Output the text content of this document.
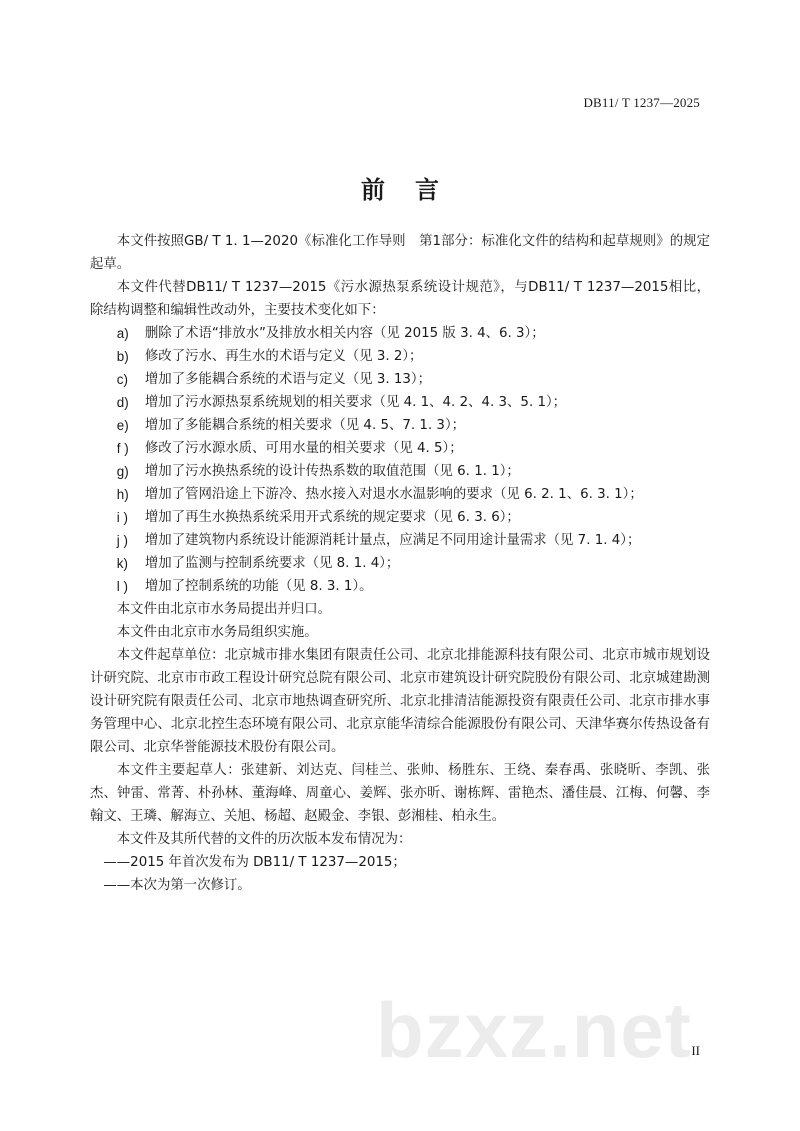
DB11/ T 1237—2025
前言

本文件按照GB/ T 1. 1—2020《标准化工作导则　第1部分：标准化文件的结构和起草规则》的规定起草。

本文件代替DB11/ T 1237—2015《污水源热泵系统设计规范》，与DB11/ T 1237—2015相比，除结构调整和编辑性改动外，主要技术变化如下：

a)	删除了术语“排放水”及排放水相关内容（见 2015 版 3. 4、6. 3）；
b)	修改了污水、再生水的术语与定义（见 3. 2）；
c)	增加了多能耦合系统的术语与定义（见 3. 13）；
d)	增加了污水源热泵系统规划的相关要求（见 4. 1、4. 2、4. 3、5. 1）；
e)	增加了多能耦合系统的相关要求（见 4. 5、7. 1. 3）；
f )	修改了污水源水质、可用水量的相关要求（见 4. 5）；
g)	增加了污水换热系统的设计传热系数的取值范围（见 6. 1. 1）；
h)	增加了管网沿途上下游冷、热水接入对退水水温影响的要求（见 6. 2. 1、6. 3. 1）；
i )	增加了再生水换热系统采用开式系统的规定要求（见 6. 3. 6）；
j )	增加了建筑物内系统设计能源消耗计量点，应满足不同用途计量需求（见 7. 1. 4）；
k)	增加了监测与控制系统要求（见 8. 1. 4）；
l )	增加了控制系统的功能（见 8. 3. 1）。

本文件由北京市水务局提出并归口。

本文件由北京市水务局组织实施。

本文件起草单位：北京城市排水集团有限责任公司、北京北排能源科技有限公司、北京市城市规划设计研究院、北京市市政工程设计研究总院有限公司、北京市建筑设计研究院股份有限公司、北京城建勘测设计研究院有限责任公司、北京市地热调查研究所、北京北排清洁能源投资有限责任公司、北京市排水事务管理中心、北京北控生态环境有限公司、北京京能华清综合能源股份有限公司、天津华赛尔传热设备有限公司、北京华誉能源技术股份有限公司。

本文件主要起草人：张建新、刘达克、闫桂兰、张帅、杨胜东、王绕、秦春禹、张晓昕、李凯、张杰、钟雷、常菁、朴孙林、董海峰、周童心、姜辉、张亦昕、谢栋辉、雷艳杰、潘佳晨、江梅、何馨、李翰文、王璘、解海立、关旭、杨超、赵殿金、李银、彭湘桂、柏永生。

本文件及其所代替的文件的历次版本发布情况为：

——2015 年首次发布为 DB11/ T 1237—2015；

——本次为第一次修订。

bzxz.net II
